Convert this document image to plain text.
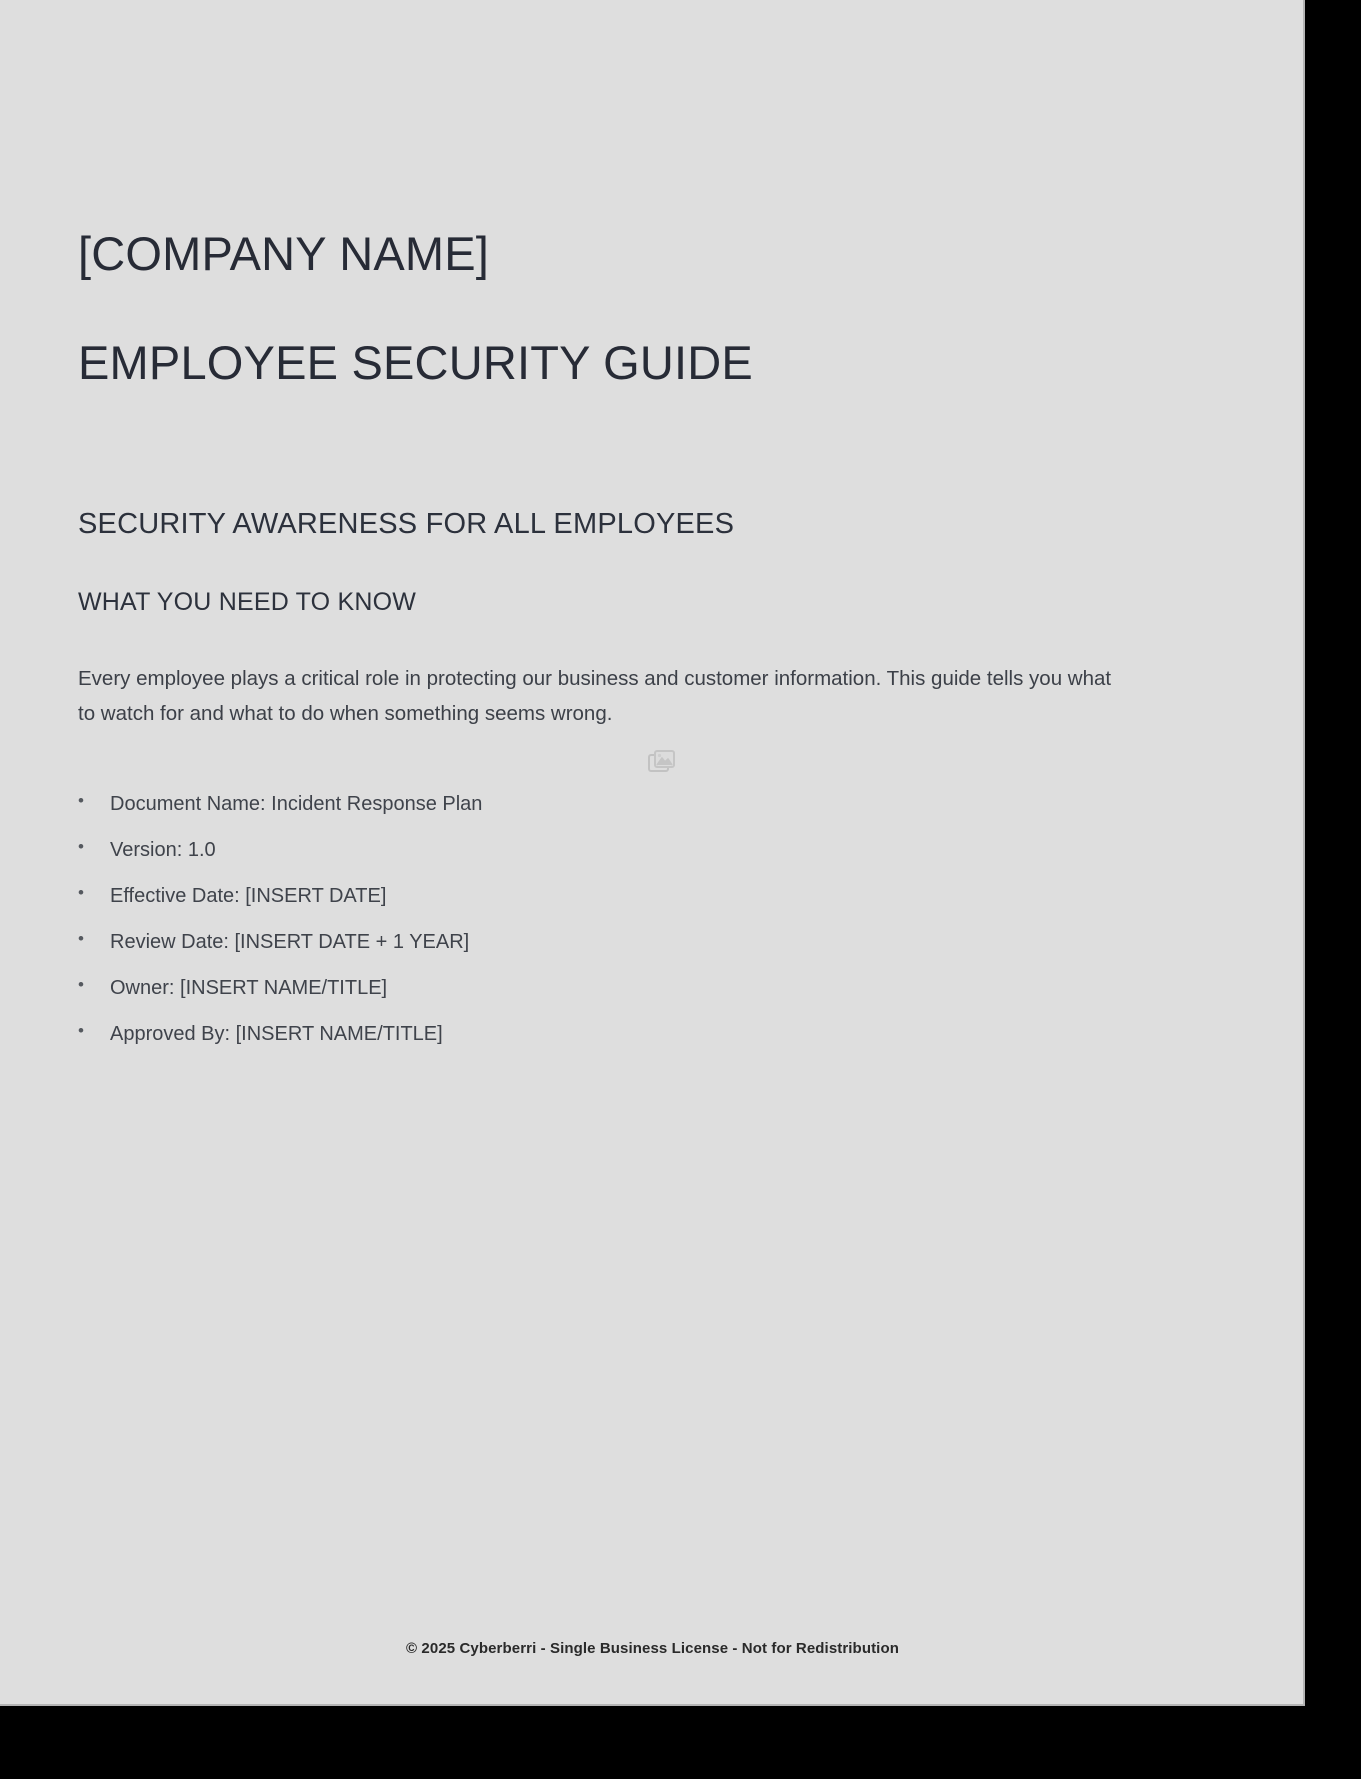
[COMPANY NAME]
EMPLOYEE SECURITY GUIDE
SECURITY AWARENESS FOR ALL EMPLOYEES
WHAT YOU NEED TO KNOW

Every employee plays a critical role in protecting our business and customer information. This guide tells you what to watch for and what to do when something seems wrong.

• Document Name: Incident Response Plan
• Version: 1.0
• Effective Date: [INSERT DATE]
• Review Date: [INSERT DATE + 1 YEAR]
• Owner: [INSERT NAME/TITLE]
• Approved By: [INSERT NAME/TITLE]
© 2025 Cyberberri - Single Business License - Not for Redistribution
